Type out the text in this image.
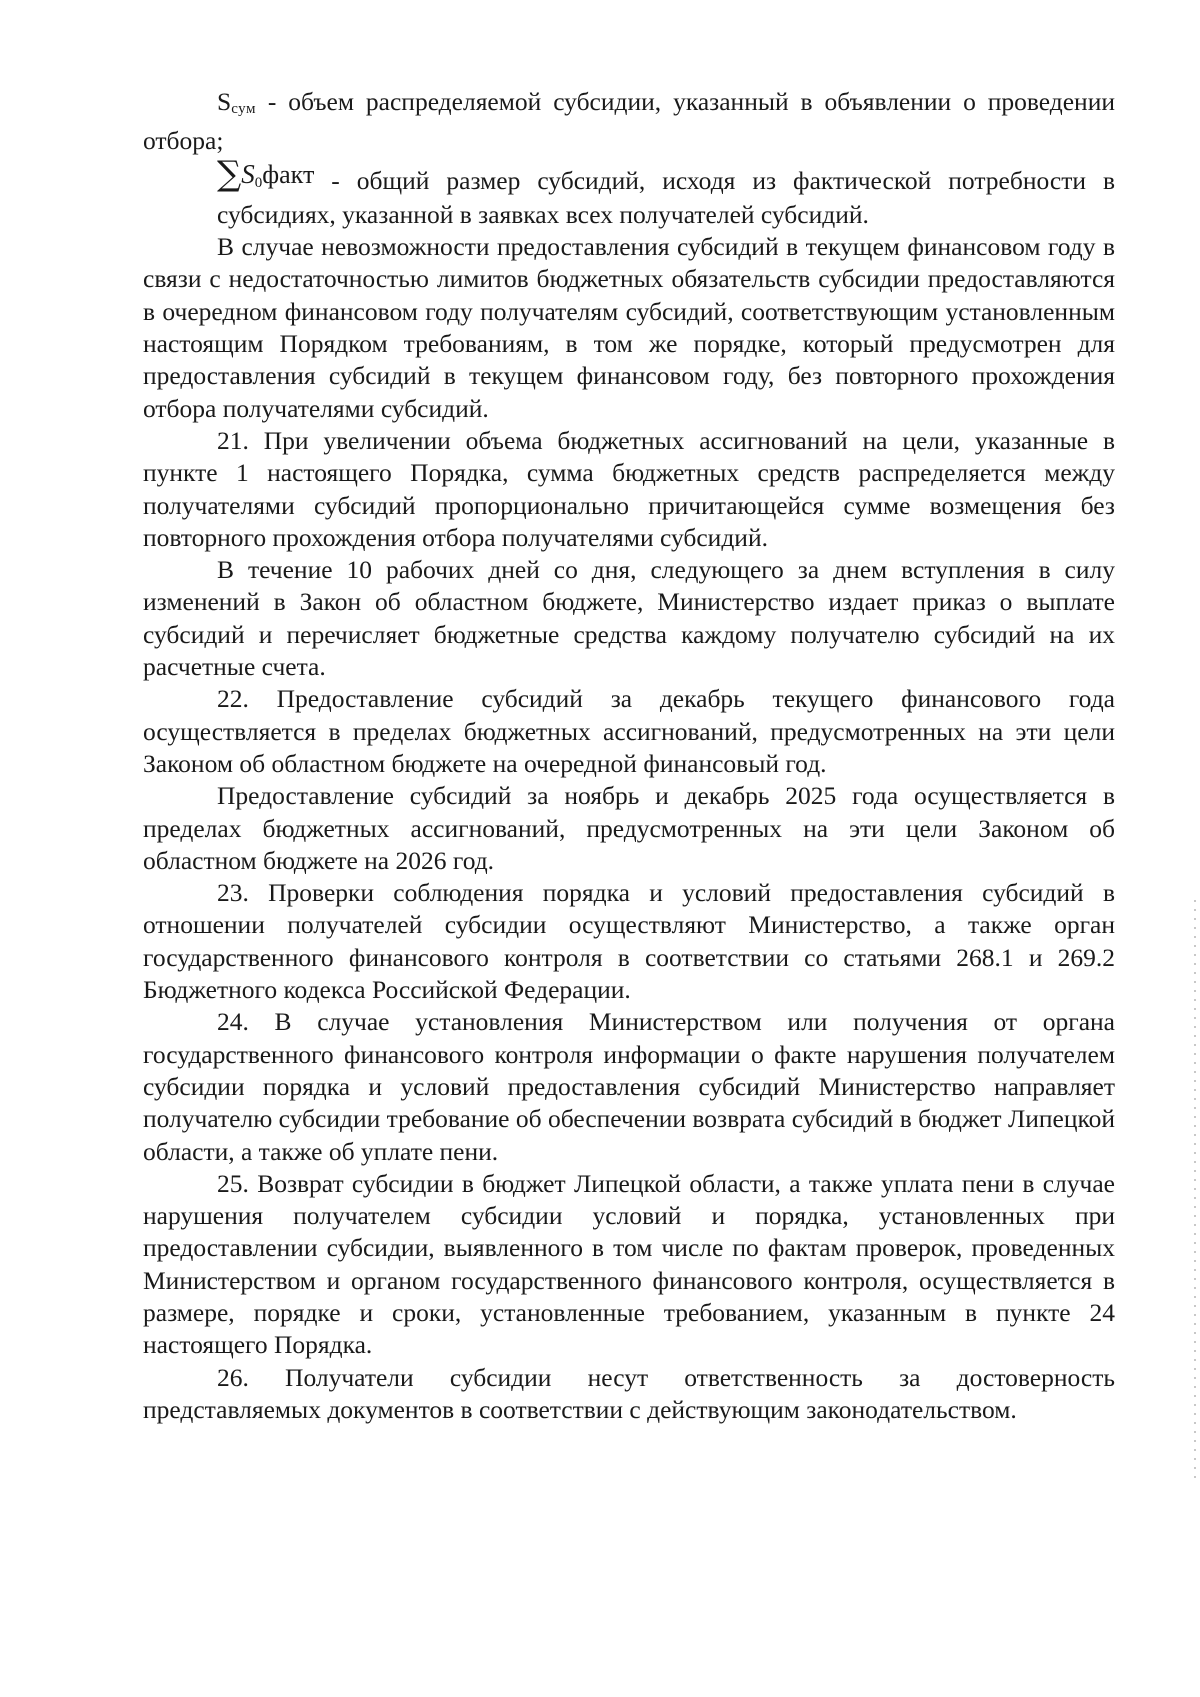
$S_{сум}$ - объем распределяемой субсидии, указанный в объявлении о проведении отбора;

∑S0факт - общий размер субсидий, исходя из фактической потребности в субсидиях, указанной в заявках всех получателей субсидий.

В случае невозможности предоставления субсидий в текущем финансовом году в связи с недостаточностью лимитов бюджетных обязательств субсидии предоставляются в очередном финансовом году получателям субсидий, соответствующим установленным настоящим Порядком требованиям, в том же порядке, который предусмотрен для предоставления субсидий в текущем финансовом году, без повторного прохождения отбора получателями субсидий.

21. При увеличении объема бюджетных ассигнований на цели, указанные в пункте 1 настоящего Порядка, сумма бюджетных средств распределяется между получателями субсидий пропорционально причитающейся сумме возмещения без повторного прохождения отбора получателями субсидий.

В течение 10 рабочих дней со дня, следующего за днем вступления в силу изменений в Закон об областном бюджете, Министерство издает приказ о выплате субсидий и перечисляет бюджетные средства каждому получателю субсидий на их расчетные счета.

22. Предоставление субсидий за декабрь текущего финансового года осуществляется в пределах бюджетных ассигнований, предусмотренных на эти цели Законом об областном бюджете на очередной финансовый год.

Предоставление субсидий за ноябрь и декабрь 2025 года осуществляется в пределах бюджетных ассигнований, предусмотренных на эти цели Законом об областном бюджете на 2026 год.

23. Проверки соблюдения порядка и условий предоставления субсидий в отношении получателей субсидии осуществляют Министерство, а также орган государственного финансового контроля в соответствии со статьями 268.1 и 269.2 Бюджетного кодекса Российской Федерации.

24. В случае установления Министерством или получения от органа государственного финансового контроля информации о факте нарушения получателем субсидии порядка и условий предоставления субсидий Министерство направляет получателю субсидии требование об обеспечении возврата субсидий в бюджет Липецкой области, а также об уплате пени.

25. Возврат субсидии в бюджет Липецкой области, а также уплата пени в случае нарушения получателем субсидии условий и порядка, установленных при предоставлении субсидии, выявленного в том числе по фактам проверок, проведенных Министерством и органом государственного финансового контроля, осуществляется в размере, порядке и сроки, установленные требованием, указанным в пункте 24 настоящего Порядка.

26. Получатели субсидии несут ответственность за достоверность представляемых документов в соответствии с действующим законодательством.
